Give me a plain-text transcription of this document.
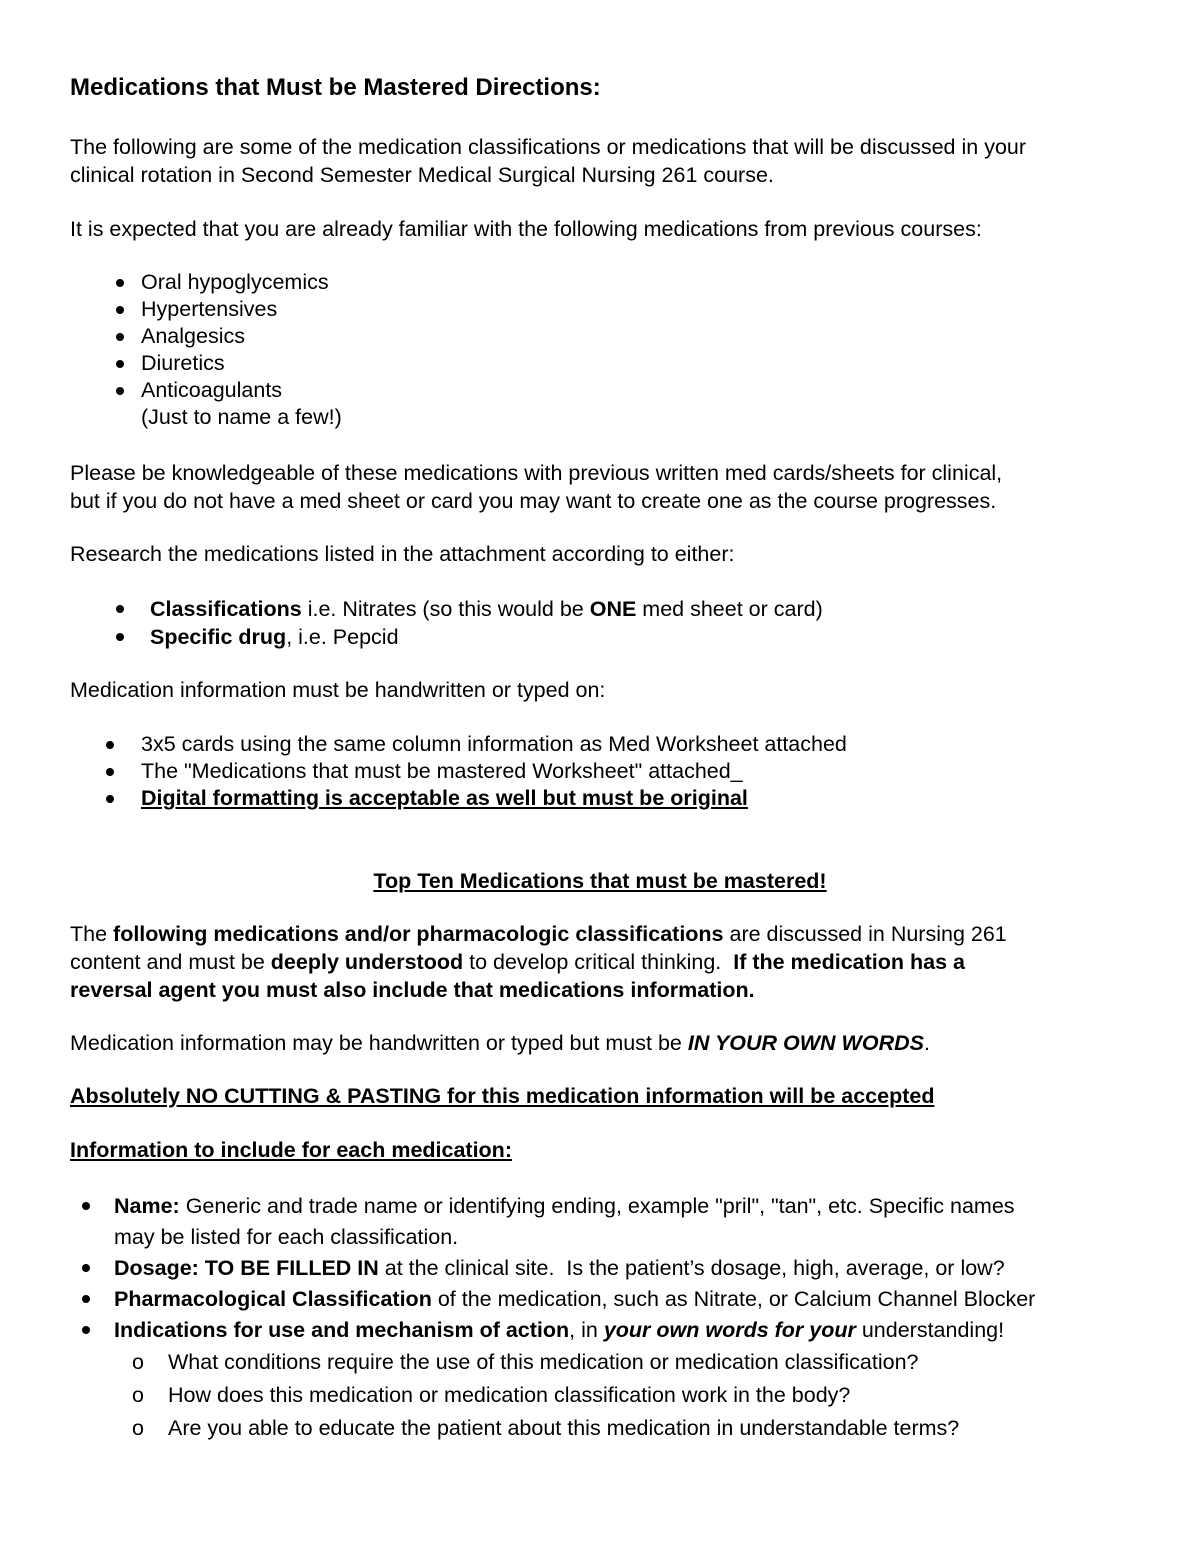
Medications that Must be Mastered Directions:
The following are some of the medication classifications or medications that will be discussed in your
clinical rotation in Second Semester Medical Surgical Nursing 261 course.
It is expected that you are already familiar with the following medications from previous courses:
Oral hypoglycemics
Hypertensives
Analgesics
Diuretics
Anticoagulants
(Just to name a few!)
Please be knowledgeable of these medications with previous written med cards/sheets for clinical,
but if you do not have a med sheet or card you may want to create one as the course progresses.
Research the medications listed in the attachment according to either:
Classifications i.e. Nitrates (so this would be ONE med sheet or card)
Specific drug, i.e. Pepcid
Medication information must be handwritten or typed on:
3x5 cards using the same column information as Med Worksheet attached
The "Medications that must be mastered Worksheet" attached_
Digital formatting is acceptable as well but must be original
Top Ten Medications that must be mastered!
The following medications and/or pharmacologic classifications are discussed in Nursing 261
content and must be deeply understood to develop critical thinking.  If the medication has a
reversal agent you must also include that medications information.
Medication information may be handwritten or typed but must be IN YOUR OWN WORDS.
Absolutely NO CUTTING & PASTING for this medication information will be accepted
Information to include for each medication:
Name: Generic and trade name or identifying ending, example "pril", "tan", etc. Specific names
may be listed for each classification.
Dosage: TO BE FILLED IN at the clinical site.  Is the patient’s dosage, high, average, or low?
Pharmacological Classification of the medication, such as Nitrate, or Calcium Channel Blocker
Indications for use and mechanism of action, in your own words for your understanding!
o What conditions require the use of this medication or medication classification?
o How does this medication or medication classification work in the body?
o Are you able to educate the patient about this medication in understandable terms?
